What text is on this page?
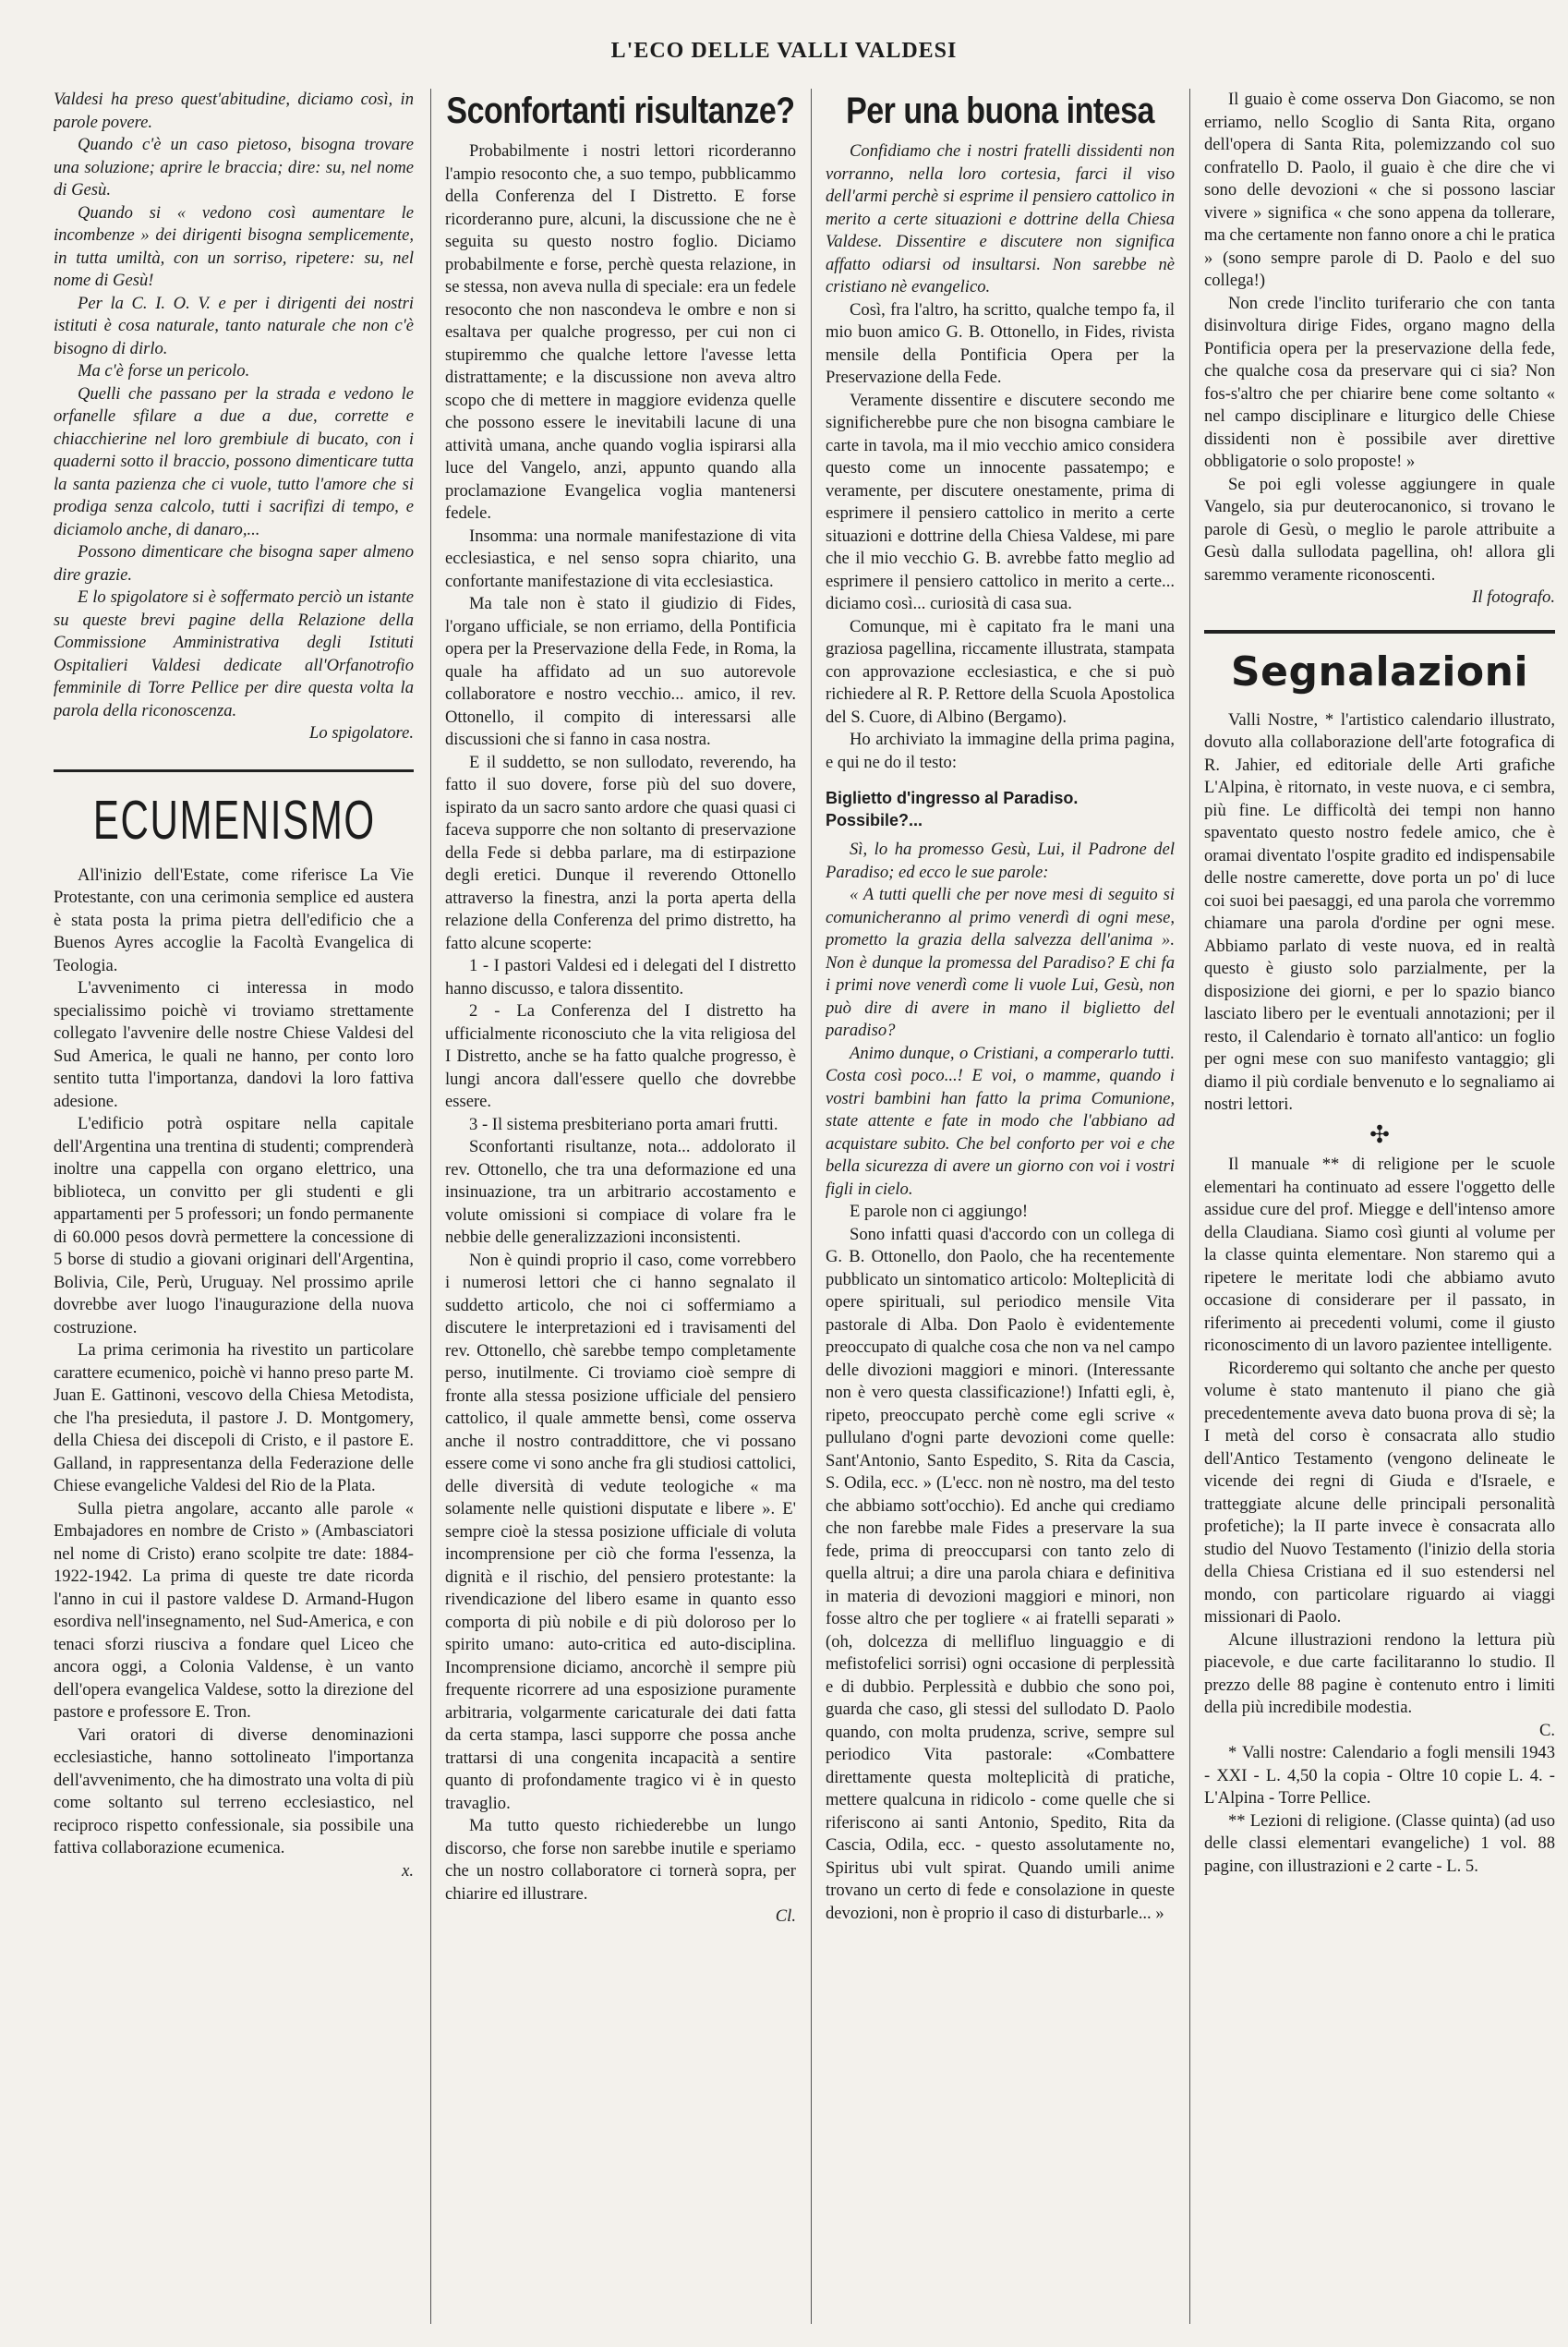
L'ECO DELLE VALLI VALDESI

Valdesi ha preso quest'abitudine, diciamo così, in parole povere.

Quando c'è un caso pietoso, bisogna trovare una soluzione; aprire le braccia; dire: su, nel nome di Gesù.

Quando si « vedono così aumentare le incombenze » dei dirigenti bisogna semplicemente, in tutta umiltà, con un sorriso, ripetere: su, nel nome di Gesù!

Per la C. I. O. V. e per i dirigenti dei nostri istituti è cosa naturale, tanto naturale che non c'è bisogno di dirlo.

Ma c'è forse un pericolo.

Quelli che passano per la strada e vedono le orfanelle sfilare a due a due, corrette e chiacchierine nel loro grembiule di bucato, con i quaderni sotto il braccio, possono dimenticare tutta la santa pazienza che ci vuole, tutto l'amore che si prodiga senza calcolo, tutti i sacrifizi di tempo, e diciamolo anche, di danaro,...

Possono dimenticare che bisogna saper almeno dire grazie.

E lo spigolatore si è soffermato perciò un istante su queste brevi pagine della Relazione della Commissione Amministrativa degli Istituti Ospitalieri Valdesi dedicate all'Orfanotrofio femminile di Torre Pellice per dire questa volta la parola della riconoscenza.

Lo spigolatore.

ECUMENISMO

All'inizio dell'Estate, come riferisce La Vie Protestante, con una cerimonia semplice ed austera è stata posta la prima pietra dell'edificio che a Buenos Ayres accoglie la Facoltà Evangelica di Teologia.

L'avvenimento ci interessa in modo specialissimo poichè vi troviamo strettamente collegato l'avvenire delle nostre Chiese Valdesi del Sud America, le quali ne hanno, per conto loro sentito tutta l'importanza, dandovi la loro fattiva adesione.

L'edificio potrà ospitare nella capitale dell'Argentina una trentina di studenti; comprenderà inoltre una cappella con organo elettrico, una biblioteca, un convitto per gli studenti e gli appartamenti per 5 professori; un fondo permanente di 60.000 pesos dovrà permettere la concessione di 5 borse di studio a giovani originari dell'Argentina, Bolivia, Cile, Perù, Uruguay. Nel prossimo aprile dovrebbe aver luogo l'inaugurazione della nuova costruzione.

La prima cerimonia ha rivestito un particolare carattere ecumenico, poichè vi hanno preso parte M. Juan E. Gattinoni, vescovo della Chiesa Metodista, che l'ha presieduta, il pastore J. D. Montgomery, della Chiesa dei discepoli di Cristo, e il pastore E. Galland, in rappresentanza della Federazione delle Chiese evangeliche Valdesi del Rio de la Plata.

Sulla pietra angolare, accanto alle parole « Embajadores en nombre de Cristo » (Ambasciatori nel nome di Cristo) erano scolpite tre date: 1884-1922-1942. La prima di queste tre date ricorda l'anno in cui il pastore valdese D. Armand-Hugon esordiva nell'insegnamento, nel Sud-America, e con tenaci sforzi riusciva a fondare quel Liceo che ancora oggi, a Colonia Valdense, è un vanto dell'opera evangelica Valdese, sotto la direzione del pastore e professore E. Tron.

Vari oratori di diverse denominazioni ecclesiastiche, hanno sottolineato l'importanza dell'avvenimento, che ha dimostrato una volta di più come soltanto sul terreno ecclesiastico, nel reciproco rispetto confessionale, sia possibile una fattiva collaborazione ecumenica.

x.

Sconfortanti risultanze?

Probabilmente i nostri lettori ricorderanno l'ampio resoconto che, a suo tempo, pubblicammo della Conferenza del I Distretto. E forse ricorderanno pure, alcuni, la discussione che ne è seguita su questo nostro foglio. Diciamo probabilmente e forse, perchè questa relazione, in se stessa, non aveva nulla di speciale: era un fedele resoconto che non nascondeva le ombre e non si esaltava per qualche progresso, per cui non ci stupiremmo che qualche lettore l'avesse letta distrattamente; e la discussione non aveva altro scopo che di mettere in maggiore evidenza quelle che possono essere le inevitabili lacune di una attività umana, anche quando voglia ispirarsi alla luce del Vangelo, anzi, appunto quando alla proclamazione Evangelica voglia mantenersi fedele.

Insomma: una normale manifestazione di vita ecclesiastica, e nel senso sopra chiarito, una confortante manifestazione di vita ecclesiastica.

Ma tale non è stato il giudizio di Fides, l'organo ufficiale, se non erriamo, della Pontificia opera per la Preservazione della Fede, in Roma, la quale ha affidato ad un suo autorevole collaboratore e nostro vecchio... amico, il rev. Ottonello, il compito di interessarsi alle discussioni che si fanno in casa nostra.

E il suddetto, se non sullodato, reverendo, ha fatto il suo dovere, forse più del suo dovere, ispirato da un sacro santo ardore che quasi quasi ci faceva supporre che non soltanto di preservazione della Fede si debba parlare, ma di estirpazione degli eretici. Dunque il reverendo Ottonello attraverso la finestra, anzi la porta aperta della relazione della Conferenza del primo distretto, ha fatto alcune scoperte:

1 - I pastori Valdesi ed i delegati del I distretto hanno discusso, e talora dissentito.

2 - La Conferenza del I distretto ha ufficialmente riconosciuto che la vita religiosa del I Distretto, anche se ha fatto qualche progresso, è lungi ancora dall'essere quello che dovrebbe essere.

3 - Il sistema presbiteriano porta amari frutti.

Sconfortanti risultanze, nota... addolorato il rev. Ottonello, che tra una deformazione ed una insinuazione, tra un arbitrario accostamento e volute omissioni si compiace di volare fra le nebbie delle generalizzazioni inconsistenti.

Non è quindi proprio il caso, come vorrebbero i numerosi lettori che ci hanno segnalato il suddetto articolo, che noi ci soffermiamo a discutere le interpretazioni ed i travisamenti del rev. Ottonello, chè sarebbe tempo completamente perso, inutilmente. Ci troviamo cioè sempre di fronte alla stessa posizione ufficiale del pensiero cattolico, il quale ammette bensì, come osserva anche il nostro contraddittore, che vi possano essere come vi sono anche fra gli studiosi cattolici, delle diversità di vedute teologiche « ma solamente nelle quistioni disputate e libere ». E' sempre cioè la stessa posizione ufficiale di voluta incomprensione per ciò che forma l'essenza, la dignità e il rischio, del pensiero protestante: la rivendicazione del libero esame in quanto esso comporta di più nobile e di più doloroso per lo spirito umano: auto-critica ed auto-disciplina. Incomprensione diciamo, ancorchè il sempre più frequente ricorrere ad una esposizione puramente arbitraria, volgarmente caricaturale dei dati fatta da certa stampa, lasci supporre che possa anche trattarsi di una congenita incapacità a sentire quanto di profondamente tragico vi è in questo travaglio.

Ma tutto questo richiederebbe un lungo discorso, che forse non sarebbe inutile e speriamo che un nostro collaboratore ci tornerà sopra, per chiarire ed illustrare.

Cl.

Per una buona intesa

Confidiamo che i nostri fratelli dissidenti non vorranno, nella loro cortesia, farci il viso dell'armi perchè si esprime il pensiero cattolico in merito a certe situazioni e dottrine della Chiesa Valdese. Dissentire e discutere non significa affatto odiarsi od insultarsi. Non sarebbe nè cristiano nè evangelico.

Così, fra l'altro, ha scritto, qualche tempo fa, il mio buon amico G. B. Ottonello, in Fides, rivista mensile della Pontificia Opera per la Preservazione della Fede.

Veramente dissentire e discutere secondo me significherebbe pure che non bisogna cambiare le carte in tavola, ma il mio vecchio amico considera questo come un innocente passatempo; e veramente, per discutere onestamente, prima di esprimere il pensiero cattolico in merito a certe situazioni e dottrine della Chiesa Valdese, mi pare che il mio vecchio G. B. avrebbe fatto meglio ad esprimere il pensiero cattolico in merito a certe... diciamo così... curiosità di casa sua.

Comunque, mi è capitato fra le mani una graziosa pagellina, riccamente illustrata, stampata con approvazione ecclesiastica, e che si può richiedere al R. P. Rettore della Scuola Apostolica del S. Cuore, di Albino (Bergamo).

Ho archiviato la immagine della prima pagina, e qui ne do il testo:

Biglietto d'ingresso al Paradiso. Possibile?...

Sì, lo ha promesso Gesù, Lui, il Padrone del Paradiso; ed ecco le sue parole:

« A tutti quelli che per nove mesi di seguito si comunicheranno al primo venerdì di ogni mese, prometto la grazia della salvezza dell'anima ». Non è dunque la promessa del Paradiso? E chi fa i primi nove venerdì come li vuole Lui, Gesù, non può dire di avere in mano il biglietto del paradiso?

Animo dunque, o Cristiani, a comperarlo tutti. Costa così poco...! E voi, o mamme, quando i vostri bambini han fatto la prima Comunione, state attente e fate in modo che l'abbiano ad acquistare subito. Che bel conforto per voi e che bella sicurezza di avere un giorno con voi i vostri figli in cielo.

E parole non ci aggiungo!

Sono infatti quasi d'accordo con un collega di G. B. Ottonello, don Paolo, che ha recentemente pubblicato un sintomatico articolo: Molteplicità di opere spirituali, sul periodico mensile Vita pastorale di Alba. Don Paolo è evidentemente preoccupato di qualche cosa che non va nel campo delle divozioni maggiori e minori. (Interessante non è vero questa classificazione!) Infatti egli, è, ripeto, preoccupato perchè come egli scrive « pullulano d'ogni parte devozioni come quelle: Sant'Antonio, Santo Espedito, S. Rita da Cascia, S. Odila, ecc. » (L'ecc. non nè nostro, ma del testo che abbiamo sott'occhio). Ed anche qui crediamo che non farebbe male Fides a preservare la sua fede, prima di preoccuparsi con tanto zelo di quella altrui; a dire una parola chiara e definitiva in materia di devozioni maggiori e minori, non fosse altro che per togliere « ai fratelli separati » (oh, dolcezza di mellifluo linguaggio e di mefistofelici sorrisi) ogni occasione di perplessità e di dubbio. Perplessità e dubbio che sono poi, guarda che caso, gli stessi del sullodato D. Paolo quando, con molta prudenza, scrive, sempre sul periodico Vita pastorale: «Combattere direttamente questa molteplicità di pratiche, mettere qualcuna in ridicolo - come quelle che si riferiscono ai santi Antonio, Spedito, Rita da Cascia, Odila, ecc. - questo assolutamente no, Spiritus ubi vult spirat. Quando umili anime trovano un certo di fede e consolazione in queste devozioni, non è proprio il caso di disturbarle... »

Il guaio è come osserva Don Giacomo, se non erriamo, nello Scoglio di Santa Rita, organo dell'opera di Santa Rita, polemizzando col suo confratello D. Paolo, il guaio è che dire che vi sono delle devozioni « che si possono lasciar vivere » significa « che sono appena da tollerare, ma che certamente non fanno onore a chi le pratica » (sono sempre parole di D. Paolo e del suo collega!)

Non crede l'inclito turiferario che con tanta disinvoltura dirige Fides, organo magno della Pontificia opera per la preservazione della fede, che qualche cosa da preservare qui ci sia? Non fos-s'altro che per chiarire bene come soltanto « nel campo disciplinare e liturgico delle Chiese dissidenti non è possibile aver direttive obbligatorie o solo proposte! »

Se poi egli volesse aggiungere in quale Vangelo, sia pur deuterocanonico, si trovano le parole di Gesù, o meglio le parole attribuite a Gesù dalla sullodata pagellina, oh! allora gli saremmo veramente riconoscenti.

Il fotografo.

Segnalazioni

Valli Nostre, * l'artistico calendario illustrato, dovuto alla collaborazione dell'arte fotografica di R. Jahier, ed editoriale delle Arti grafiche L'Alpina, è ritornato, in veste nuova, e ci sembra, più fine. Le difficoltà dei tempi non hanno spaventato questo nostro fedele amico, che è oramai diventato l'ospite gradito ed indispensabile delle nostre camerette, dove porta un po' di luce coi suoi bei paesaggi, ed una parola che vorremmo chiamare una parola d'ordine per ogni mese. Abbiamo parlato di veste nuova, ed in realtà questo è giusto solo parzialmente, per la disposizione dei giorni, e per lo spazio bianco lasciato libero per le eventuali annotazioni; per il resto, il Calendario è tornato all'antico: un foglio per ogni mese con suo manifesto vantaggio; gli diamo il più cordiale benvenuto e lo segnaliamo ai nostri lettori.

✣

Il manuale ** di religione per le scuole elementari ha continuato ad essere l'oggetto delle assidue cure del prof. Miegge e dell'intenso amore della Claudiana. Siamo così giunti al volume per la classe quinta elementare. Non staremo qui a ripetere le meritate lodi che abbiamo avuto occasione di considerare per il passato, in riferimento ai precedenti volumi, come il giusto riconoscimento di un lavoro pazientee intelligente.

Ricorderemo qui soltanto che anche per questo volume è stato mantenuto il piano che già precedentemente aveva dato buona prova di sè; la I metà del corso è consacrata allo studio dell'Antico Testamento (vengono delineate le vicende dei regni di Giuda e d'Israele, e tratteggiate alcune delle principali personalità profetiche); la II parte invece è consacrata allo studio del Nuovo Testamento (l'inizio della storia della Chiesa Cristiana ed il suo estendersi nel mondo, con particolare riguardo ai viaggi missionari di Paolo.

Alcune illustrazioni rendono la lettura più piacevole, e due carte facilitaranno lo studio. Il prezzo delle 88 pagine è contenuto entro i limiti della più incredibile modestia.

C.

* Valli nostre: Calendario a fogli mensili 1943 - XXI - L. 4,50 la copia - Oltre 10 copie L. 4. - L'Alpina - Torre Pellice.

** Lezioni di religione. (Classe quinta) (ad uso delle classi elementari evangeliche) 1 vol. 88 pagine, con illustrazioni e 2 carte - L. 5.
